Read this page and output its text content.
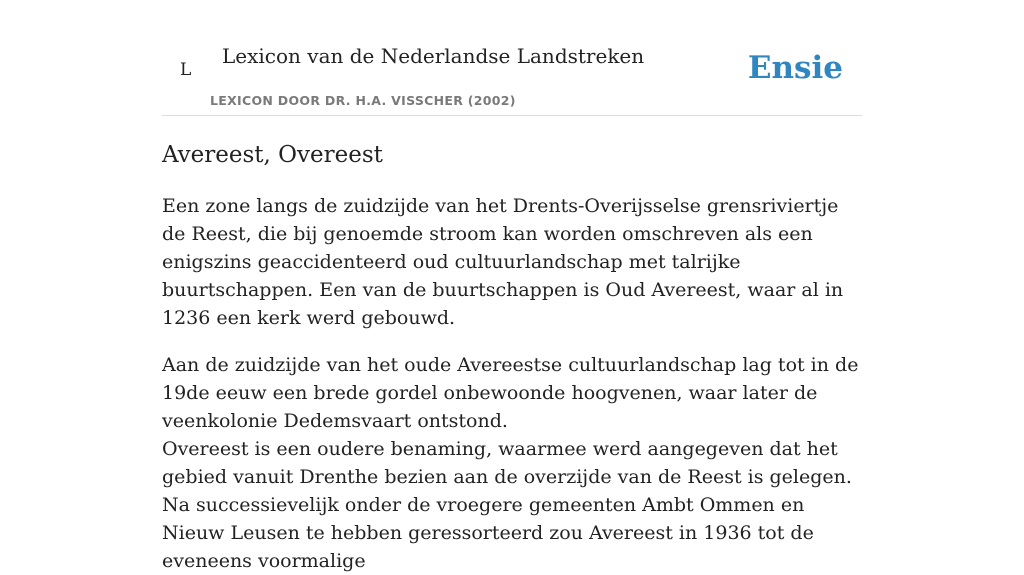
L
Lexicon van de Nederlandse Landstreken
LEXICON DOOR DR. H.A. VISSCHER (2002)
Ensie
Avereest, Overeest

Een zone langs de zuidzijde van het Drents-Overijsselse grensriviertje de Reest, die bij genoemde stroom kan worden omschreven als een enigszins geaccidenteerd oud cultuurlandschap met talrijke buurtschappen. Een van de buurtschappen is Oud Avereest, waar al in 1236 een kerk werd gebouwd.

Aan de zuidzijde van het oude Avereestse cultuurlandschap lag tot in de 19de eeuw een brede gordel onbewoonde hoogvenen, waar later de veenkolonie Dedemsvaart ontstond.

Overeest is een oudere benaming, waarmee werd aangegeven dat het gebied vanuit Drenthe bezien aan de overzijde van de Reest is gelegen.

Na successievelijk onder de vroegere gemeenten Ambt Ommen en Nieuw Leusen te hebben geressorteerd zou Avereest in 1936 tot de eveneens voormalige
